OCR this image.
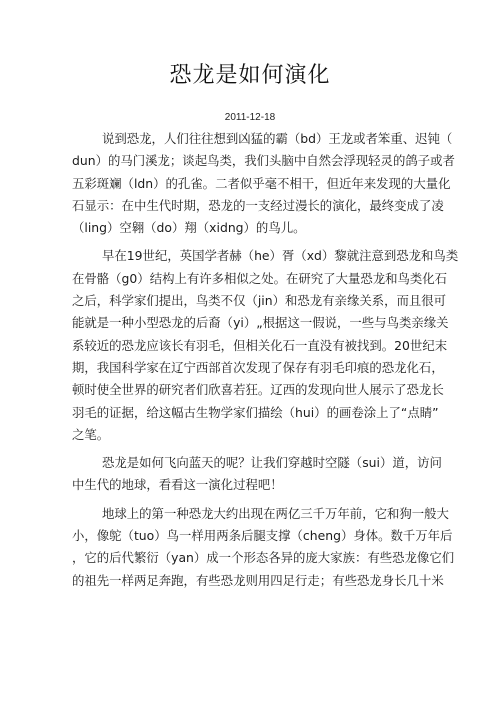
恐龙是如何演化
2011-12-18
说到恐龙，人们往往想到凶猛的霸（bd）王龙或者笨重、迟钝（
dun）的马门溪龙；谈起鸟类，我们头脑中自然会浮现轻灵的鸽子或者
五彩斑斓（ldn）的孔雀。二者似乎毫不相干，但近年来发现的大量化
石显示：在中生代时期，恐龙的一支经过漫长的演化，最终变成了凌
（ling）空翱（do）翔（xidng）的鸟儿。
早在19世纪，英国学者赫（he）胥（xd）黎就注意到恐龙和鸟类
在骨骼（g0）结构上有许多相似之处。在研究了大量恐龙和鸟类化石
之后，科学家们提出，鸟类不仅（jin）和恐龙有亲缘关系，而且很可
能就是一种小型恐龙的后裔（yi）„根据这一假说，一些与鸟类亲缘关
系较近的恐龙应该长有羽毛，但相关化石一直没有被找到。20世纪末
期，我国科学家在辽宁西部首次发现了保存有羽毛印痕的恐龙化石，
顿时使全世界的研究者们欣喜若狂。辽西的发现向世人展示了恐龙长
羽毛的证据，给这幅古生物学家们描绘（hui）的画卷涂上了“点睛”
之笔。
恐龙是如何飞向蓝天的呢？让我们穿越时空隧（sui）道，访问
中生代的地球，看看这一演化过程吧！
地球上的第一种恐龙大约出现在两亿三千万年前，它和狗一般大
小，像鸵（tuo）鸟一样用两条后腿支撑（cheng）身体。数千万年后
，它的后代繁衍（yan）成一个形态各异的庞大家族：有些恐龙像它们
的祖先一样两足奔跑，有些恐龙则用四足行走；有些恐龙身长几十米
